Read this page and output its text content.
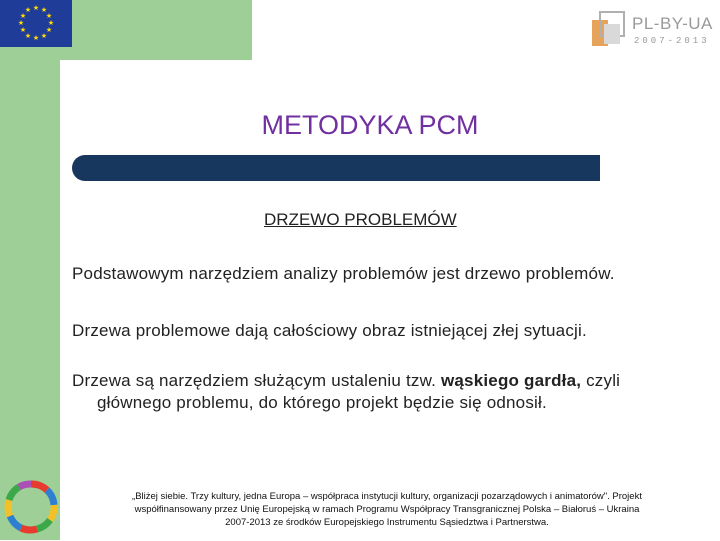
★ ★
★
★
★
★
★
★
★
★
★
★
PL-BY-UA
2007-2013
METODYKA PCM
DRZEWO PROBLEMÓW
Podstawowym narzędziem analizy problemów jest drzewo problemów.
Drzewa problemowe dają całościowy obraz istniejącej złej sytuacji.
Drzewa są narzędziem służącym ustaleniu tzw. wąskiego gardła, czyli
głównego problemu, do którego projekt będzie się odnosił.
„Bliżej siebie. Trzy kultury, jedna Europa – współpraca instytucji kultury, organizacji pozarządowych i animatorów". Projekt
współfinansowany przez Unię Europejską w ramach Programu Współpracy Transgranicznej Polska – Białoruś – Ukraina
2007-2013 ze środków Europejskiego Instrumentu Sąsiedztwa i Partnerstwa.
